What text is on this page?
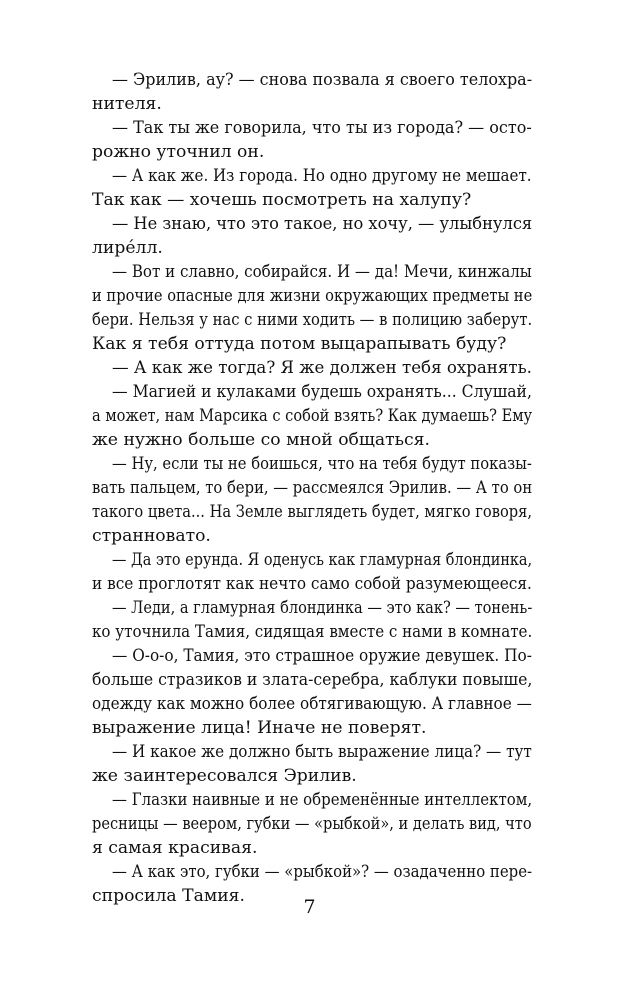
— Эрилив, ау? — снова позвала я своего телохра-
нителя.
— Так ты же говорила, что ты из города? — осто-
рожно уточнил он.
— А как же. Из города. Но одно другому не мешает.
Так как — хочешь посмотреть на халупу?
— Не знаю, что это такое, но хочу, — улыбнулся
лирéлл.
— Вот и славно, собирайся. И — да! Мечи, кинжалы
и прочие опасные для жизни окружающих предметы не
бери. Нельзя у нас с ними ходить — в полицию заберут.
Как я тебя оттуда потом выцарапывать буду?
— А как же тогда? Я же должен тебя охранять.
— Магией и кулаками будешь охранять... Слушай,
а может, нам Марсика с собой взять? Как думаешь? Ему
же нужно больше со мной общаться.
— Ну, если ты не боишься, что на тебя будут показы-
вать пальцем, то бери, — рассмеялся Эрилив. — А то он
такого цвета... На Земле выглядеть будет, мягко говоря,
странновато.
— Да это ерунда. Я оденусь как гламурная блондинка,
и все проглотят как нечто само собой разумеющееся.
— Леди, а гламурная блондинка — это как? — тонень-
ко уточнила Тамия, сидящая вместе с нами в комнате.
— О-о-о, Тамия, это страшное оружие девушек. По-
больше стразиков и злата-серебра, каблуки повыше,
одежду как можно более обтягивающую. А главное —
выражение лица! Иначе не поверят.
— И какое же должно быть выражение лица? — тут
же заинтересовался Эрилив.
— Глазки наивные и не обременённые интеллектом,
ресницы — веером, губки — «рыбкой», и делать вид, что
я самая красивая.
— А как это, губки — «рыбкой»? — озадаченно пере-
спросила Тамия.	7
